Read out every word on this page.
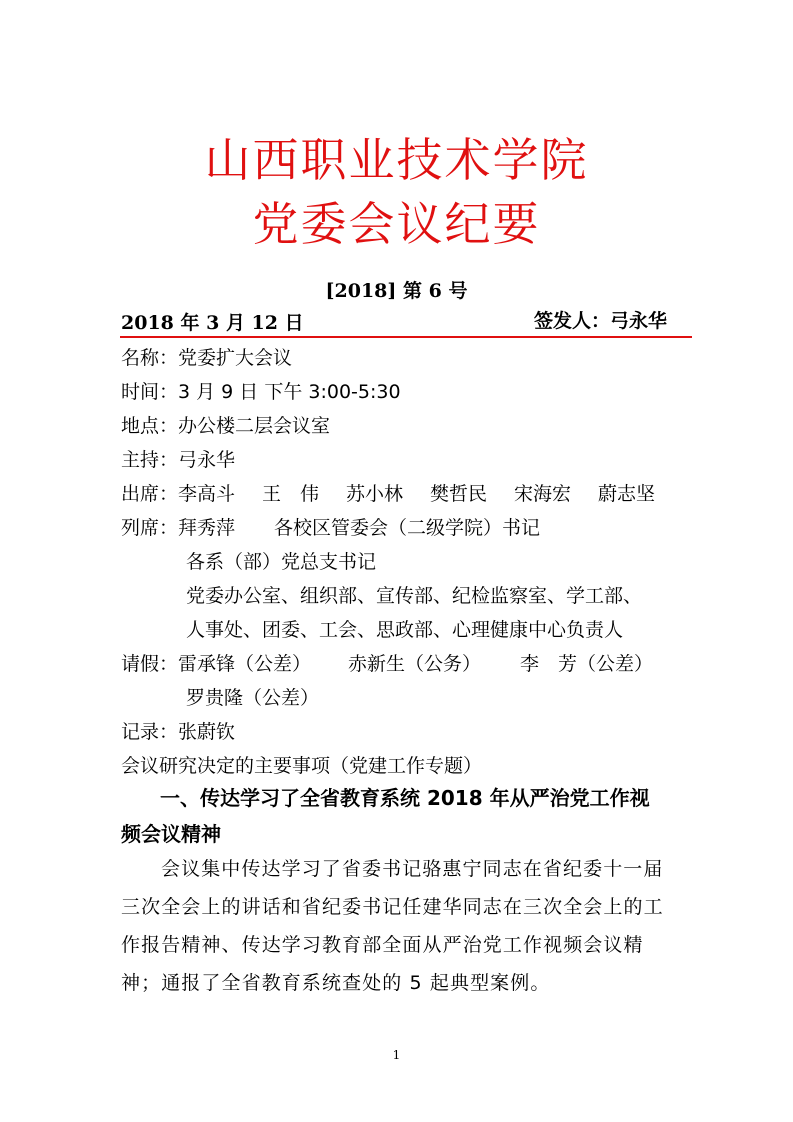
山西职业技术学院
党委会议纪要
[2018] 第 6 号
2018 年 3 月 12 日	签发人：弓永华
名称：党委扩大会议
时间：3 月 9 日 下午 3:00-5:30
地点：办公楼二层会议室
主持：弓永华
出席：李高斗 王　伟 苏小林 樊哲民 宋海宏 蔚志坚
列席：拜秀萍 各校区管委会（二级学院）书记
各系（部）党总支书记
党委办公室、组织部、宣传部、纪检监察室、学工部、
人事处、团委、工会、思政部、心理健康中心负责人
请假：雷承锋（公差） 赤新生（公务） 李　芳（公差）
罗贵隆（公差）
记录：张蔚钦
会议研究决定的主要事项（党建工作专题）
一、传达学习了全省教育系统 2018 年从严治党工作视
频会议精神
会议集中传达学习了省委书记骆惠宁同志在省纪委十一届三次全会上的讲话和省纪委书记任建华同志在三次全会上的工作报告精神、传达学习教育部全面从严治党工作视频会议精神；通报了全省教育系统查处的 5 起典型案例。
1
